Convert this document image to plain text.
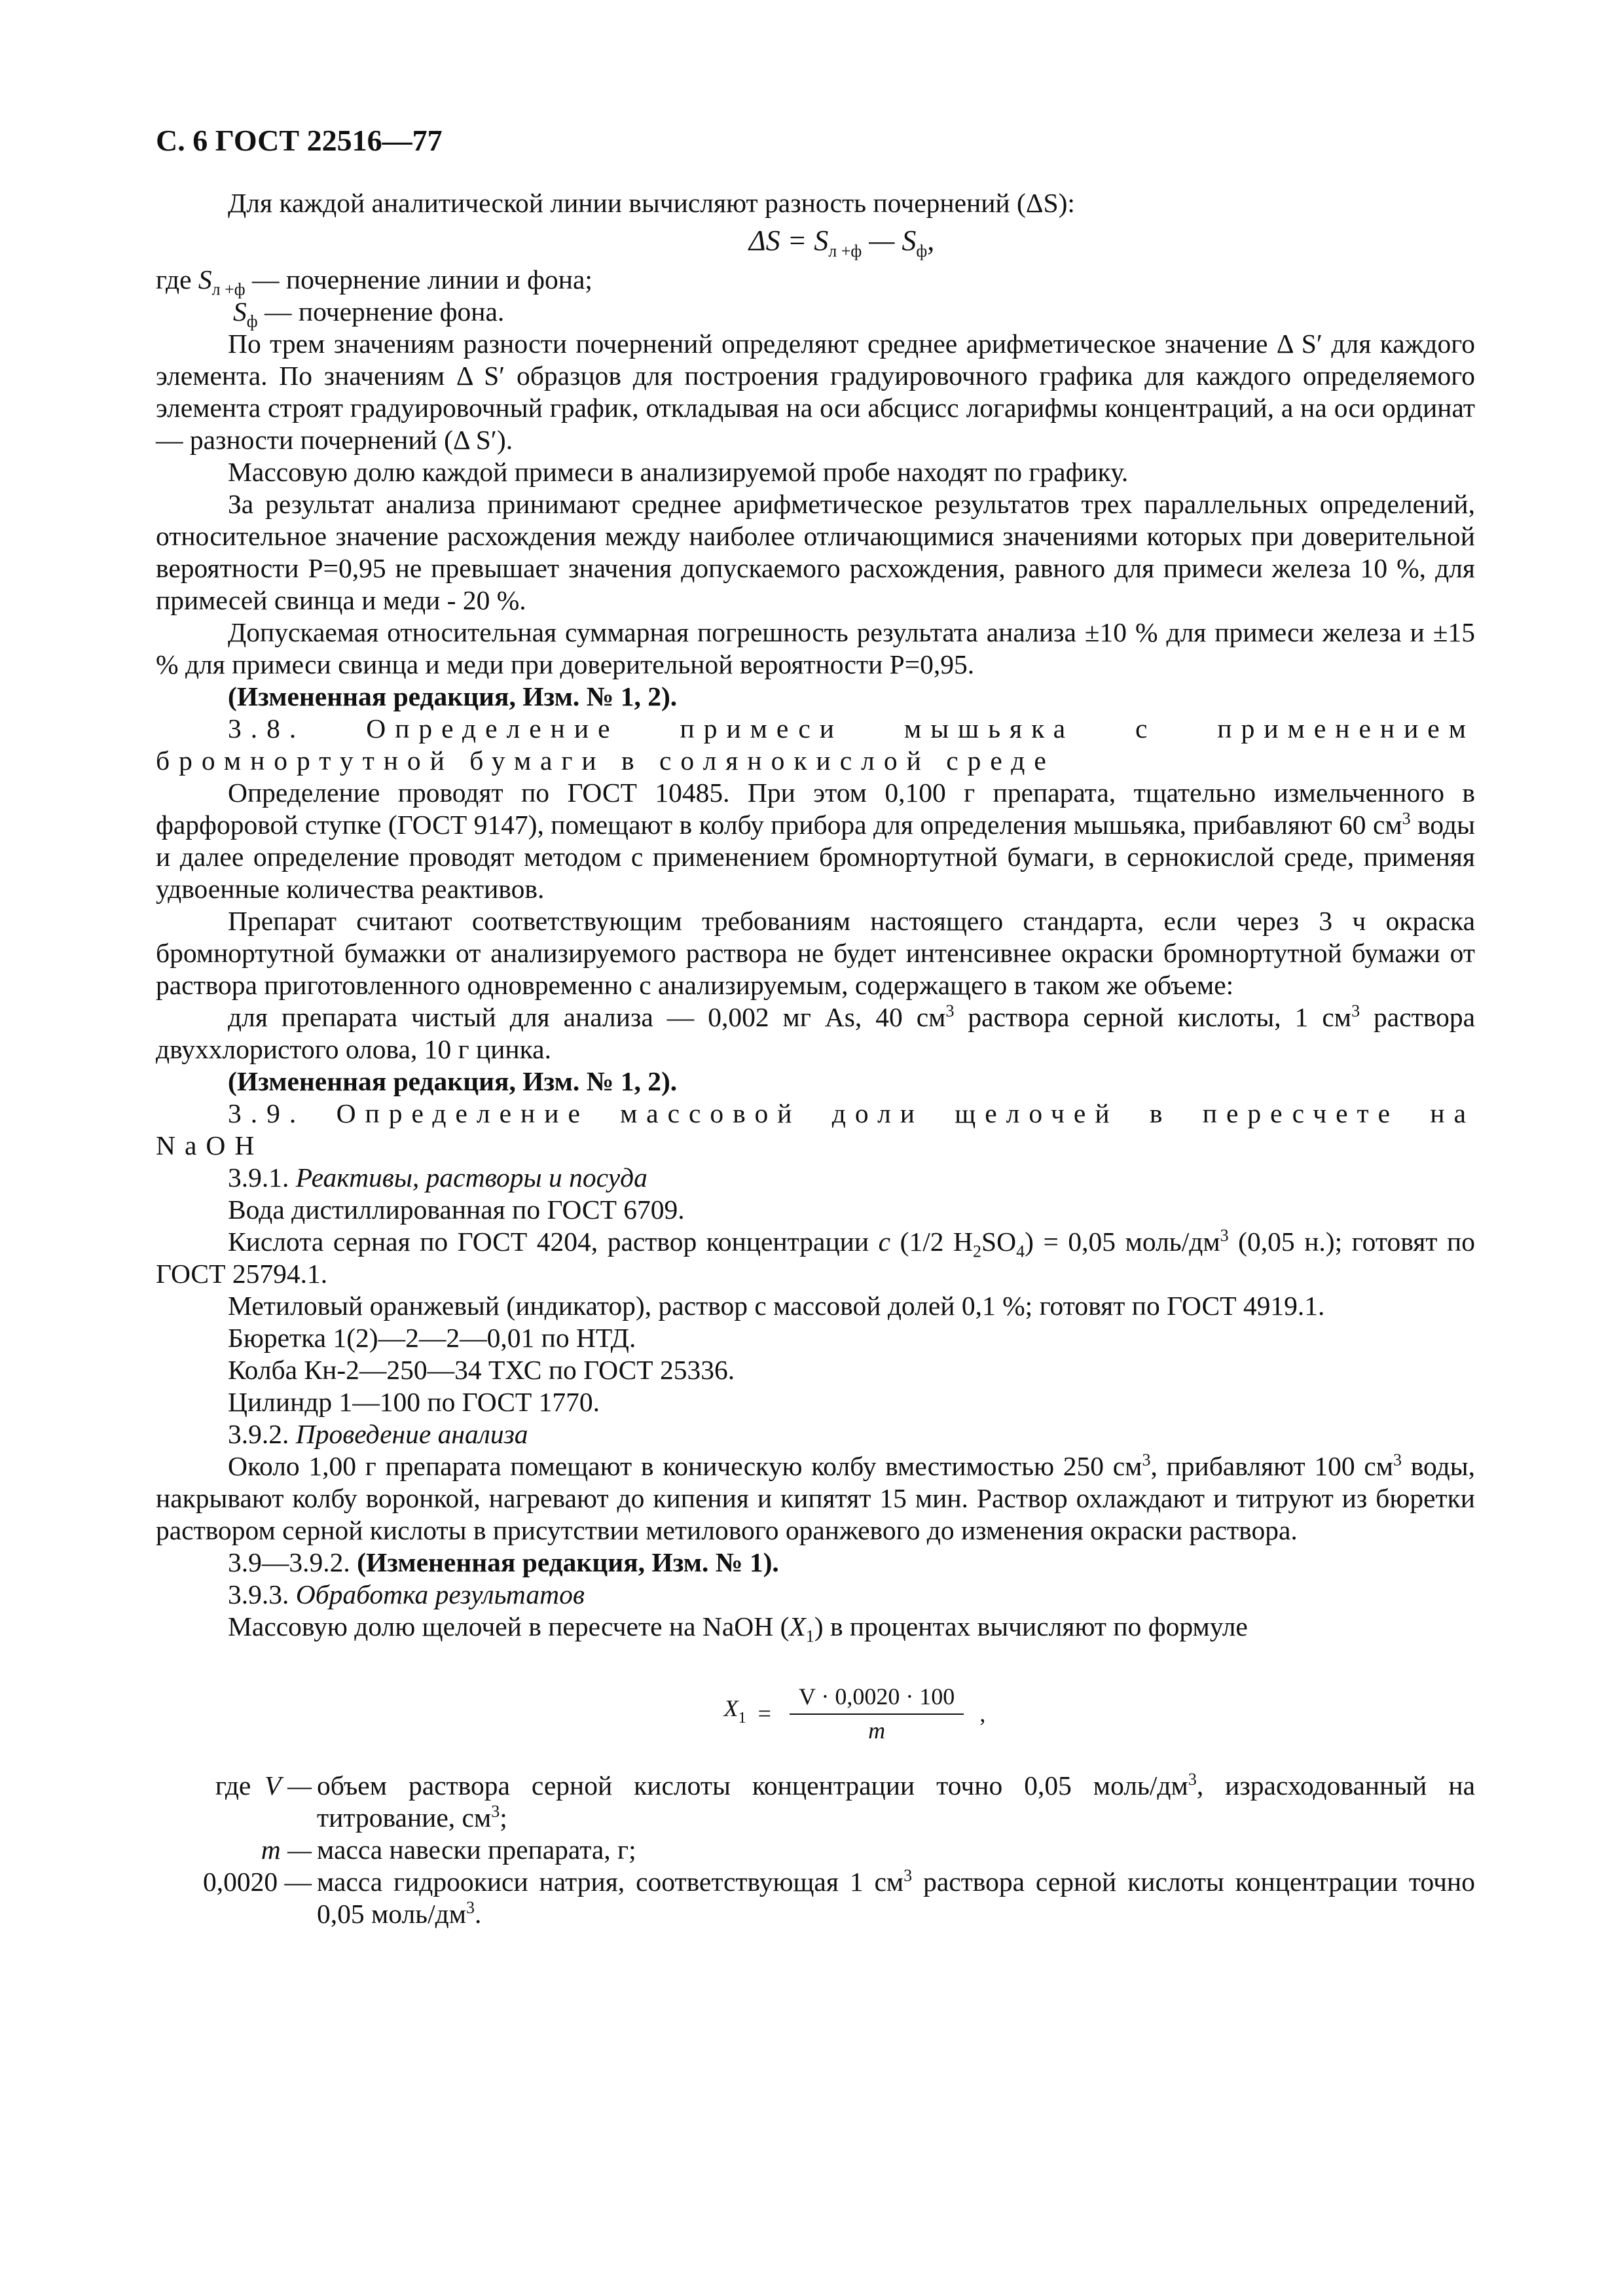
С. 6 ГОСТ 22516—77

Для каждой аналитической линии вычисляют разность почернений (ΔS):

$\Delta S = S_{л +ф}$ — $S_ф$,

где $S_{л +ф}$ — почернение линии и фона;

$S_ф$ — почернение фона.

По трем значениям разности почернений определяют среднее арифметическое значение Δ S′ для каждого элемента. По значениям Δ S′ образцов для построения градуировочного графика для каждого определяемого элемента строят градуировочный график, откладывая на оси абсцисс логарифмы концентраций, а на оси ординат — разности почернений (Δ S′).

Массовую долю каждой примеси в анализируемой пробе находят по графику.

За результат анализа принимают среднее арифметическое результатов трех параллельных определений, относительное значение расхождения между наиболее отличающимися значениями которых при доверительной вероятности Р=0,95 не превышает значения допускаемого расхождения, равного для примеси железа 10 %, для примесей свинца и меди - 20 %.

Допускаемая относительная суммарная погрешность результата анализа ±10 % для примеси железа и ±15 % для примеси свинца и меди при доверительной вероятности Р=0,95.

(Измененная редакция, Изм. № 1, 2).

3.8. Определение примеси мышьяка с применением бромнортутной бумаги в солянокислой среде

Определение проводят по ГОСТ 10485. При этом 0,100 г препарата, тщательно измельченного в фарфоровой ступке (ГОСТ 9147), помещают в колбу прибора для определения мышьяка, прибавляют 60 $см^3$ воды и далее определение проводят методом с применением бромнортутной бумаги, в сернокислой среде, применяя удвоенные количества реактивов.

Препарат считают соответствующим требованиям настоящего стандарта, если через 3 ч окраска бромнортутной бумажки от анализируемого раствора не будет интенсивнее окраски бромнортутной бумажи от раствора приготовленного одновременно с анализируемым, содержащего в таком же объеме:

для препарата чистый для анализа — 0,002 мг As, 40 $см^3$ раствора серной кислоты, 1 $см^3$ раствора двуххлористого олова, 10 г цинка.

(Измененная редакция, Изм. № 1, 2).

3.9. Определение массовой доли щелочей в пересчете на NaOH

3.9.1. Реактивы, растворы и посуда

Вода дистиллированная по ГОСТ 6709.

Кислота серная по ГОСТ 4204, раствор концентрации c (1/2 $H_2SO_4) = 0,05$ моль/$дм^3$ (0,05 н.); готовят по ГОСТ 25794.1.

Метиловый оранжевый (индикатор), раствор с массовой долей 0,1 %; готовят по ГОСТ 4919.1.

Бюретка 1(2)—2—2—0,01 по НТД.

Колба Кн-2—250—34 ТХС по ГОСТ 25336.

Цилиндр 1—100 по ГОСТ 1770.

3.9.2. Проведение анализа

Около 1,00 г препарата помещают в коническую колбу вместимостью 250 $см^3$, прибавляют 100 $см^3$ воды, накрывают колбу воронкой, нагревают до кипения и кипятят 15 мин. Раствор охлаждают и титруют из бюретки раствором серной кислоты в присутствии метилового оранжевого до изменения окраски раствора.

3.9—3.9.2. (Измененная редакция, Изм. № 1).

3.9.3. Обработка результатов

Массовую долю щелочей в пересчете на NaOH $(X_1)$ в процентах вычисляют по формуле

$X_1 = \frac{V \cdot 0,0020 \cdot 100}{m}$ ,
где  V — объем раствора серной кислоты концентрации точно 0,05 моль/$дм^3$, израсходованный на титрование, $см^3$;
m — масса навески препарата, г;
0,0020 — масса гидроокиси натрия, соответствующая 1 $см^3$ раствора серной кислоты концентрации точно 0,05 моль/$дм^3$.
